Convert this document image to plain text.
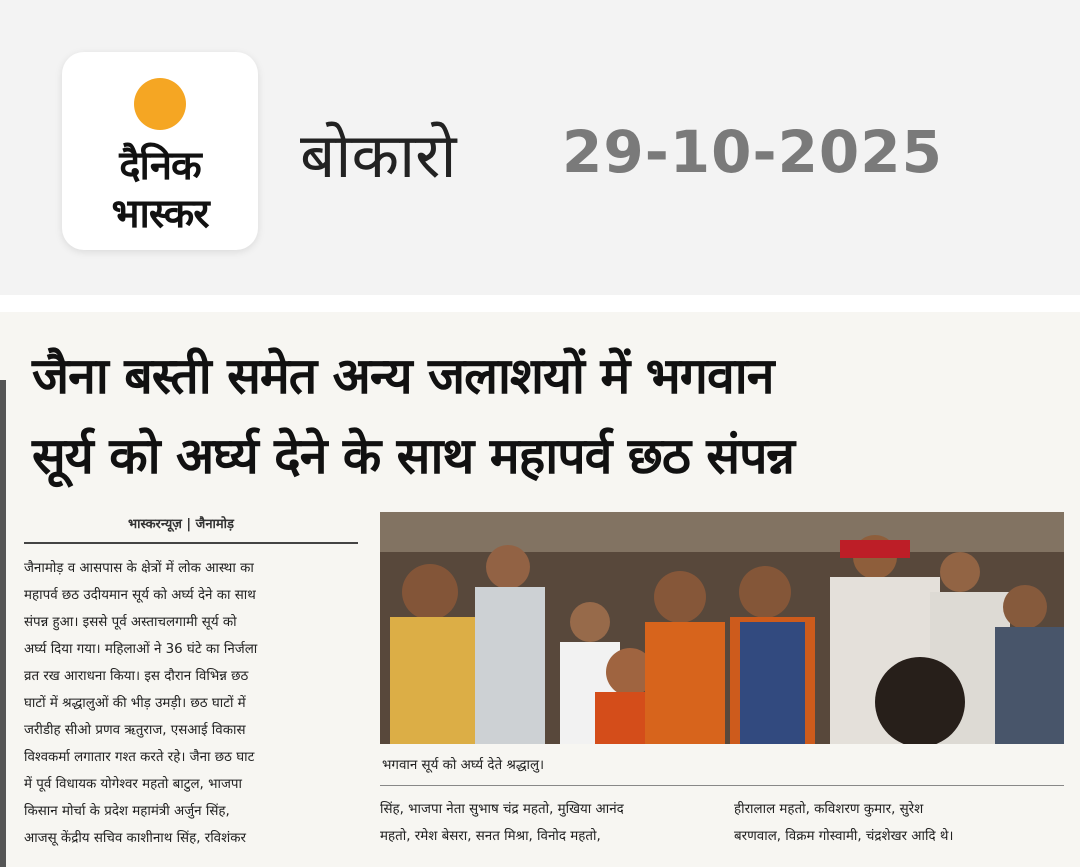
दैनिक
भास्कर
बोकारो 29-10-2025
जैना बस्ती समेत अन्य जलाशयों में भगवान
सूर्य को अर्घ्य देने के साथ महापर्व छठ संपन्न
भास्करन्यूज़ | जैनामोड़
जैनामोड़ व आसपास के क्षेत्रों में लोक आस्था का
महापर्व छठ उदीयमान सूर्य को अर्घ्य देने का साथ
संपन्न हुआ। इससे पूर्व अस्ताचलगामी सूर्य को
अर्घ्य दिया गया। महिलाओं ने 36 घंटे का निर्जला
व्रत रख आराधना किया। इस दौरान विभिन्न छठ
घाटों में श्रद्धालुओं की भीड़ उमड़ी। छठ घाटों में
जरीडीह सीओ प्रणव ऋतुराज, एसआई विकास
विश्वकर्मा लगातार गश्त करते रहे। जैना छठ घाट
में पूर्व विधायक योगेश्वर महतो बाटुल, भाजपा
किसान मोर्चा के प्रदेश महामंत्री अर्जुन सिंह,
आजसू केंद्रीय सचिव काशीनाथ सिंह, रविशंकर
भगवान सूर्य को अर्घ्य देते श्रद्धालु।
सिंह, भाजपा नेता सुभाष चंद्र महतो, मुखिया आनंद
महतो, रमेश बेसरा, सनत मिश्रा, विनोद महतो,
हीरालाल महतो, कविशरण कुमार, सुरेश
बरणवाल, विक्रम गोस्वामी, चंद्रशेखर आदि थे।
